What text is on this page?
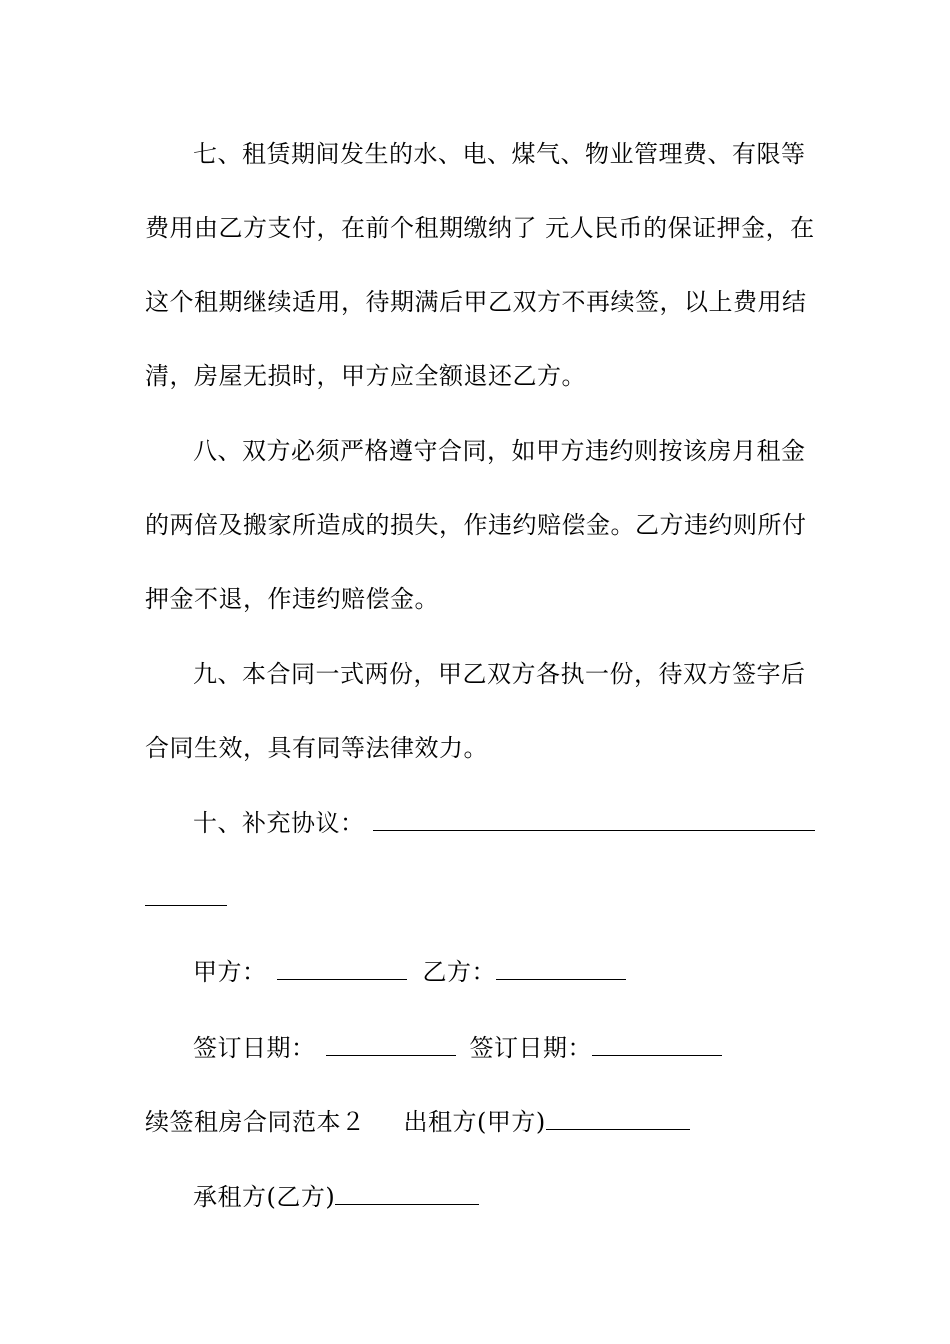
七、租赁期间发生的水、电、煤气、物业管理费、有限等
费用由乙方支付，在前个租期缴纳了 元人民币的保证押金，在
这个租期继续适用，待期满后甲乙双方不再续签，以上费用结
清，房屋无损时，甲方应全额退还乙方。
八、双方必须严格遵守合同，如甲方违约则按该房月租金
的两倍及搬家所造成的损失，作违约赔偿金。乙方违约则所付
押金不退，作违约赔偿金。
九、本合同一式两份，甲乙双方各执一份，待双方签字后
合同生效，具有同等法律效力。
十、补充协议：
甲方：	乙方：
签订日期：	签订日期：
续签租房合同范本２ 出租方(甲方)
承租方(乙方)
